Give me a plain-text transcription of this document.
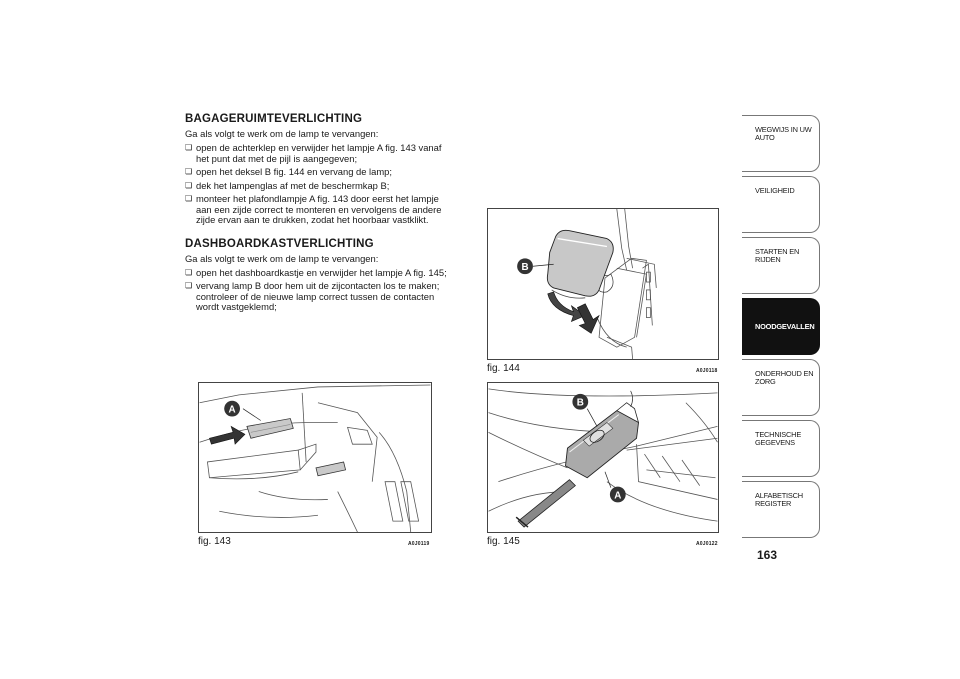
BAGAGERUIMTEVERLICHTING

Ga als volgt te werk om de lamp te vervangen:

❏ open de achterklep en verwijder het lampje A fig. 143 vanaf het punt dat met de pijl is aangegeven;
❏ open het deksel B fig. 144 en vervang de lamp;
❏ dek het lampenglas af met de beschermkap B;
❏ monteer het plafondlampje A fig. 143 door eerst het lampje aan een zijde correct te monteren en vervolgens de andere zijde ervan aan te drukken, zodat het hoorbaar vastklikt.
DASHBOARDKASTVERLICHTING

Ga als volgt te werk om de lamp te vervangen:

❏ open het dashboardkastje en verwijder het lampje A fig. 145;
❏ vervang lamp B door hem uit de zijcontacten los te maken; controleer of de nieuwe lamp correct tussen de contacten wordt vastgeklemd;
A
fig. 143	A0J0119
B
fig. 144	A0J0118
B
A
fig. 145	A0J0122
WEGWIJS IN UW AUTO
VEILIGHEID
STARTEN EN RIJDEN
NOODGEVALLEN
ONDERHOUD EN ZORG
TECHNISCHE GEGEVENS
ALFABETISCH REGISTER
163
